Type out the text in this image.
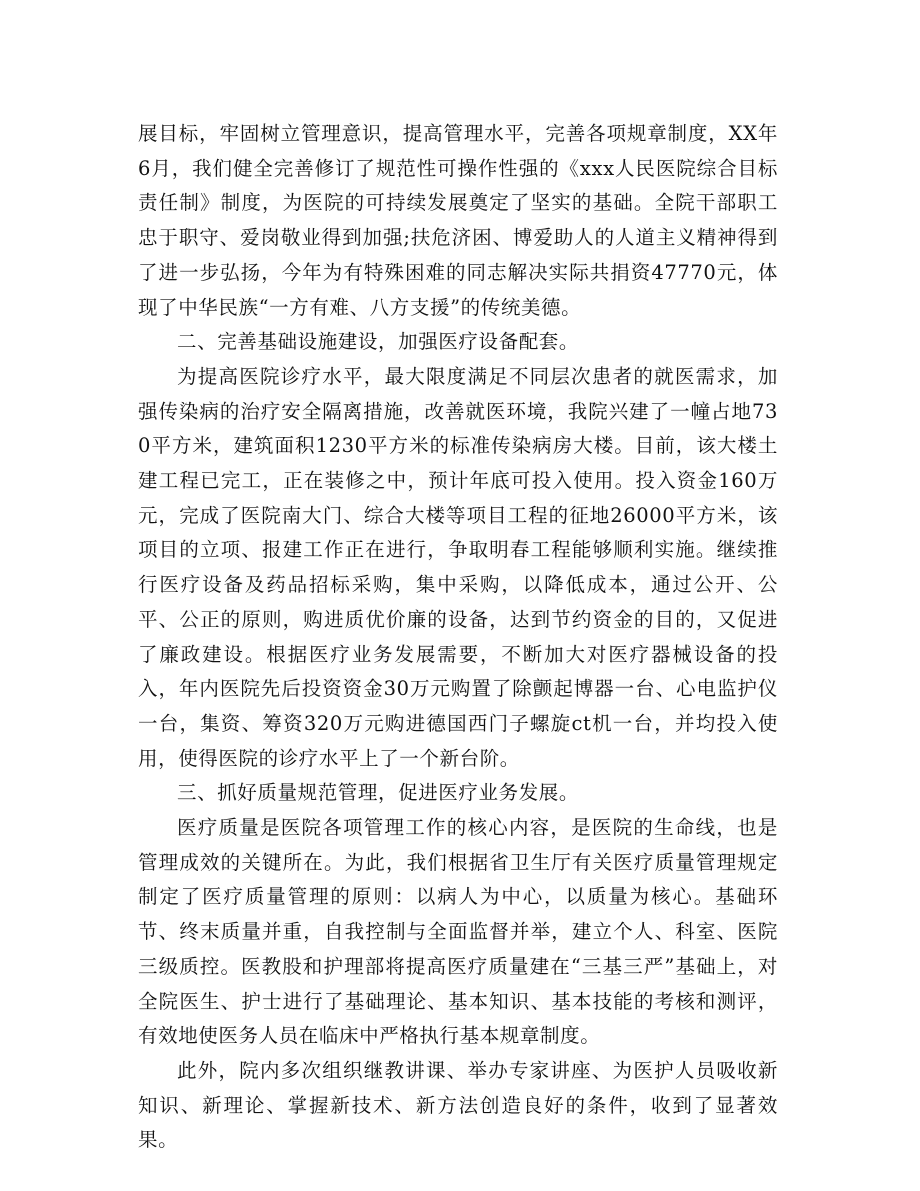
展目标，牢固树立管理意识，提高管理水平，完善各项规章制度，XX年6月，我们健全完善修订了规范性可操作性强的《xxx人民医院综合目标责任制》制度，为医院的可持续发展奠定了坚实的基础。全院干部职工忠于职守、爱岗敬业得到加强;扶危济困、博爱助人的人道主义精神得到了进一步弘扬，今年为有特殊困难的同志解决实际共捐资47770元，体现了中华民族“一方有难、八方支援”的传统美德。

二、完善基础设施建设，加强医疗设备配套。

为提高医院诊疗水平，最大限度满足不同层次患者的就医需求，加强传染病的治疗安全隔离措施，改善就医环境，我院兴建了一幢占地730平方米，建筑面积1230平方米的标准传染病房大楼。目前，该大楼土建工程已完工，正在装修之中，预计年底可投入使用。投入资金160万元，完成了医院南大门、综合大楼等项目工程的征地26000平方米，该项目的立项、报建工作正在进行，争取明春工程能够顺利实施。继续推行医疗设备及药品招标采购，集中采购，以降低成本，通过公开、公平、公正的原则，购进质优价廉的设备，达到节约资金的目的，又促进了廉政建设。根据医疗业务发展需要，不断加大对医疗器械设备的投入，年内医院先后投资资金30万元购置了除颤起博器一台、心电监护仪一台，集资、筹资320万元购进德国西门子螺旋ct机一台，并均投入使用，使得医院的诊疗水平上了一个新台阶。

三、抓好质量规范管理，促进医疗业务发展。

医疗质量是医院各项管理工作的核心内容，是医院的生命线，也是管理成效的关键所在。为此，我们根据省卫生厅有关医疗质量管理规定制定了医疗质量管理的原则：以病人为中心，以质量为核心。基础环节、终末质量并重，自我控制与全面监督并举，建立个人、科室、医院三级质控。医教股和护理部将提高医疗质量建在“三基三严”基础上，对全院医生、护士进行了基础理论、基本知识、基本技能的考核和测评，有效地使医务人员在临床中严格执行基本规章制度。

此外，院内多次组织继教讲课、举办专家讲座、为医护人员吸收新知识、新理论、掌握新技术、新方法创造良好的条件，收到了显著效果。
